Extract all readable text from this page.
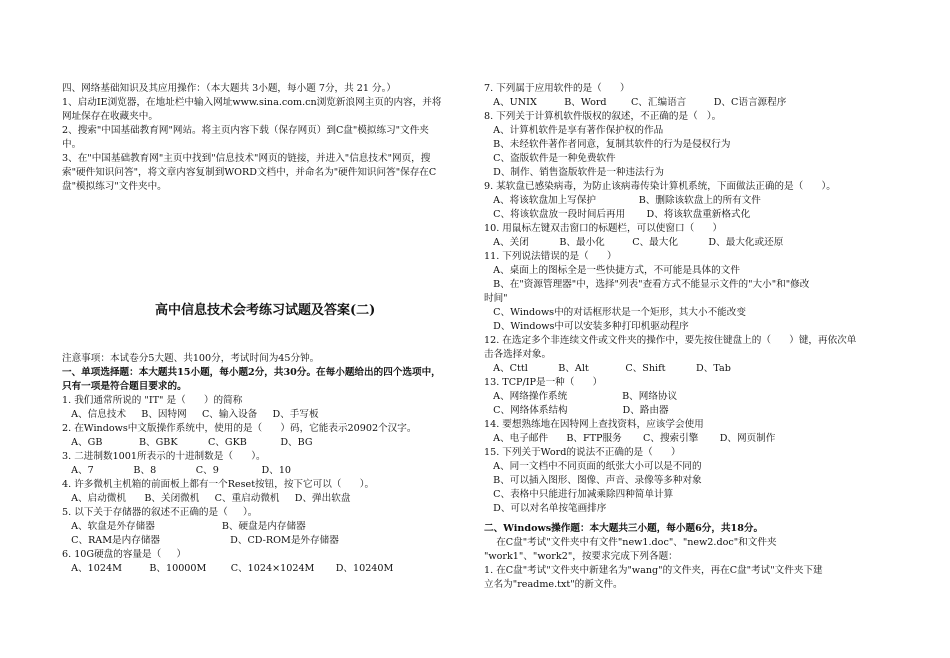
四、网络基础知识及其应用操作：（本大题共 3小题，每小题 7分，共 21 分。）
1、启动IE浏览器，在地址栏中输入网址www.sina.com.cn浏览新浪网主页的内容，并将
网址保存在收藏夹中。
2、搜索"中国基础教育网"网站。将主页内容下载（保存网页）到C盘"模拟练习"文件夹
中。
3、在"中国基础教育网"主页中找到"信息技术"网页的链接，并进入"信息技术"网页，搜
索"硬件知识问答"，将文章内容复制到WORD文档中，并命名为"硬件知识问答"保存在C
盘"模拟练习"文件夹中。
高中信息技术会考练习试题及答案(二)
注意事项：本试卷分5大题、共100分，考试时间为45分钟。
一、单项选择题：本大题共15小题，每小题2分，共30分。在每小题给出的四个选项中，
只有一项是符合题目要求的。
1. 我们通常所说的 "IT" 是（      ）的简称
A、信息技术     B、因特网     C、输入设备     D、手写板
2. 在Windows中文版操作系统中，使用的是（      ）码，它能表示20902个汉字。
A、GB            B、GBK          C、GKB           D、BG
3. 二进制数1001所表示的十进制数是（      ）。
A、7             B、8             C、9              D、10
4. 许多微机主机箱的前面板上都有一个Reset按钮，按下它可以（      ）。
A、启动微机      B、关闭微机     C、重启动微机     D、弹出软盘
5. 以下关于存储器的叙述不正确的是（     ）。
A、软盘是外存储器                      B、硬盘是内存储器
C、RAM是内存储器                       D、CD-ROM是外存储器
6. 10G硬盘的容量是（     ）
A、1024M         B、10000M        C、1024×1024M       D、10240M
7. 下列属于应用软件的是（      ）
A、UNIX         B、Word        C、汇编语言         D、C语言源程序
8. 下列关于计算机软件版权的叙述，不正确的是（   ）。
A、计算机软件是享有著作保护权的作品
B、未经软件著作者同意，复制其软件的行为是侵权行为
C、盗版软件是一种免费软件
D、制作、销售盗版软件是一种违法行为
9. 某软盘已感染病毒，为防止该病毒传染计算机系统，下面做法正确的是（      ）。
A、将该软盘加上写保护              B、删除该软盘上的所有文件
C、将该软盘放一段时间后再用       D、将该软盘重新格式化
10. 用鼠标左键双击窗口的标题栏，可以使窗口（      ）
A、关闭          B、最小化         C、最大化          D、最大化或还原
11. 下列说法错误的是（      ）
A、桌面上的图标全是一些快捷方式，不可能是具体的文件
B、在"资源管理器"中，选择"列表"查看方式不能显示文件的"大小"和"修改
时间"
C、Windows中的对话框形状是一个矩形，其大小不能改变
D、Windows中可以安装多种打印机驱动程序
12. 在选定多个非连续文件或文件夹的操作中，要先按住键盘上的（      ）键，再依次单
击各选择对象。
A、Cttl          B、Alt            C、Shift          D、Tab
13. TCP/IP是一种（      ）
A、网络操作系统                  B、网络协议
C、网络体系结构                  D、路由器
14. 要想熟练地在因特网上查找资料，应该学会使用
A、电子邮件      B、FTP服务       C、搜索引擎       D、网页制作
15. 下列关于Word的说法不正确的是（      ）
A、同一文档中不同页面的纸张大小可以是不同的
B、可以插入图形、图像、声音、录像等多种对象
C、表格中只能进行加减乘除四种简单计算
D、可以对名单按笔画排序
二、Windows操作题：本大题共三小题，每小题6分，共18分。
在C盘"考试"文件夹中有文件"new1.doc"、"new2.doc"和文件夹
"work1"、"work2"，按要求完成下列各题：
1. 在C盘"考试"文件夹中新建名为"wang"的文件夹，再在C盘"考试"文件夹下建
立名为"readme.txt"的新文件。
